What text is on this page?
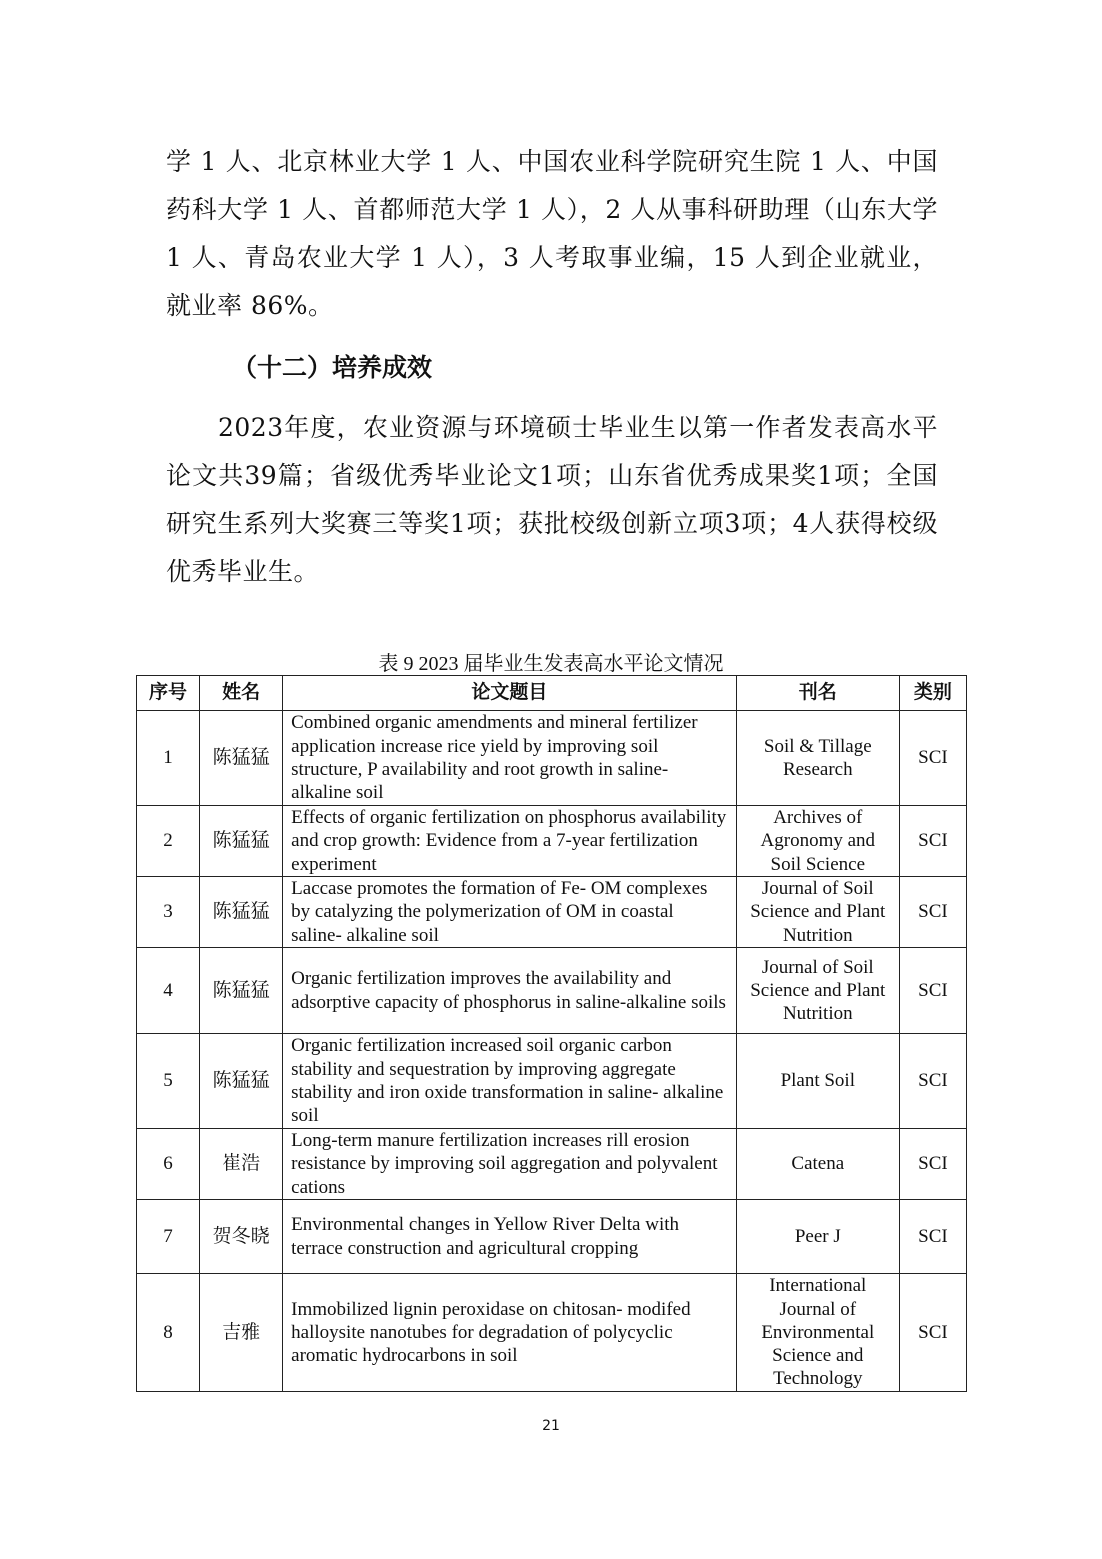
学 1 人、北京林业大学 1 人、中国农业科学院研究生院 1 人、中国药科大学 1 人、首都师范大学 1 人），2 人从事科研助理（山东大学 1 人、青岛农业大学 1 人），3 人考取事业编，15 人到企业就业，就业率 86%。

（十二）培养成效

2023年度，农业资源与环境硕士毕业生以第一作者发表高水平论文共39篇；省级优秀毕业论文1项；山东省优秀成果奖1项；全国研究生系列大奖赛三等奖1项；获批校级创新立项3项；4人获得校级优秀毕业生。

表 9 2023 届毕业生发表高水平论文情况
序号	姓名	论文题目	刊名	类别
1	陈猛猛	Combined organic amendments and mineral fertilizer application increase rice yield by improving soil structure, P availability and root growth in saline-alkaline soil	Soil & Tillage Research	SCI
2	陈猛猛	Effects of organic fertilization on phosphorus availability and crop growth: Evidence from a 7-year fertilization experiment	Archives of Agronomy and Soil Science	SCI
3	陈猛猛	Laccase promotes the formation of Fe- OM complexes by catalyzing the polymerization of OM in coastal saline- alkaline soil	Journal of Soil Science and Plant Nutrition	SCI
4	陈猛猛	Organic fertilization improves the availability and adsorptive capacity of phosphorus in saline-alkaline soils	Journal of Soil Science and Plant Nutrition	SCI
5	陈猛猛	Organic fertilization increased soil organic carbon stability and sequestration by improving aggregate stability and iron oxide transformation in saline- alkaline soil	Plant Soil	SCI
6	崔浩	Long-term manure fertilization increases rill erosion resistance by improving soil aggregation and polyvalent cations	Catena	SCI
7	贺冬晓	Environmental changes in Yellow River Delta with terrace construction and agricultural cropping	Peer J	SCI
8	吉雅	Immobilized lignin peroxidase on chitosan- modifed halloysite nanotubes for degradation of polycyclic aromatic hydrocarbons in soil	International Journal of Environmental Science and Technology	SCI
21
